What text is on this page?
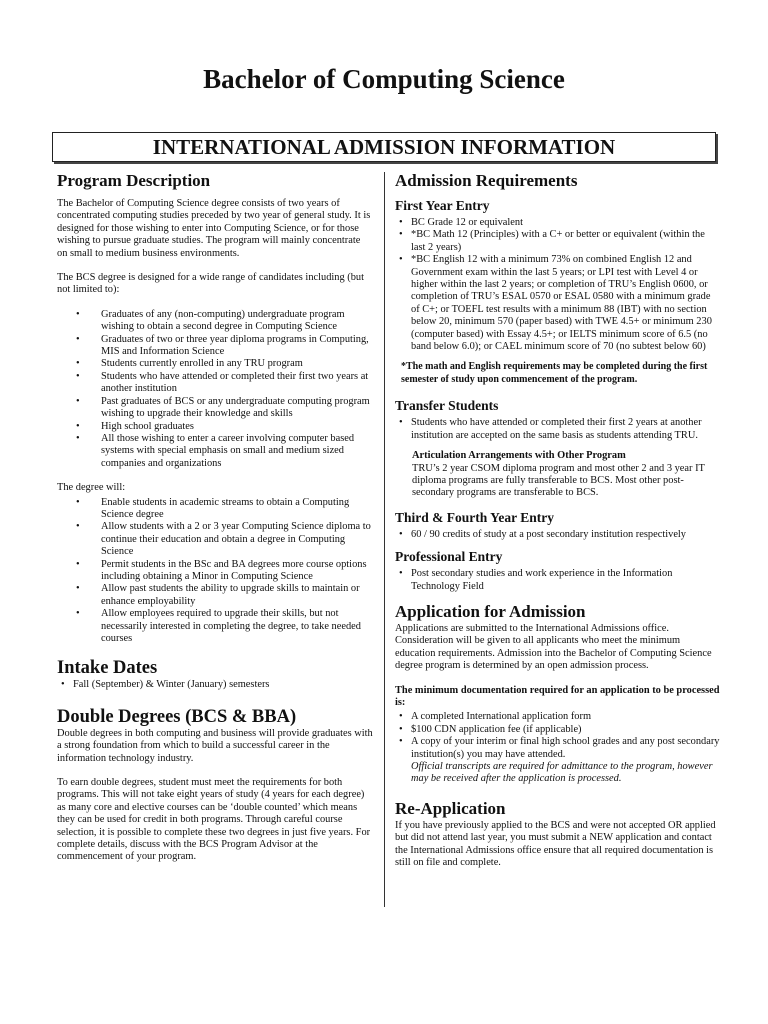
Bachelor of Computing Science
INTERNATIONAL ADMISSION INFORMATION
Program Description

The Bachelor of Computing Science degree consists of two years of concentrated computing studies preceded by two year of general study. It is designed for those wishing to enter into Computing Science, or for those wishing to pursue graduate studies. The program will mainly concentrate on small to medium business environments.

The BCS degree is designed for a wide range of candidates including (but not limited to):

• Graduates of any (non-computing) undergraduate program wishing to obtain a second degree in Computing Science
• Graduates of two or three year diploma programs in Computing, MIS and Information Science
• Students currently enrolled in any TRU program
• Students who have attended or completed their first two years at another institution
• Past graduates of BCS or any undergraduate computing program wishing to upgrade their knowledge and skills
• High school graduates
• All those wishing to enter a career involving computer based systems with special emphasis on small and medium sized companies and organizations

The degree will:

• Enable students in academic streams to obtain a Computing Science degree
• Allow students with a 2 or 3 year Computing Science diploma to continue their education and obtain a degree in Computing Science
• Permit students in the BSc and BA degrees more course options including obtaining a Minor in Computing Science
• Allow past students the ability to upgrade skills to maintain or enhance employability
• Allow employees required to upgrade their skills, but not necessarily interested in completing the degree, to take needed courses
Intake Dates
• Fall (September) & Winter (January) semesters
Double Degrees (BCS & BBA)

Double degrees in both computing and business will provide graduates with a strong foundation from which to build a successful career in the information technology industry.

To earn double degrees, student must meet the requirements for both programs. This will not take eight years of study (4 years for each degree) as many core and elective courses can be ‘double counted’ which means they can be used for credit in both programs. Through careful course selection, it is possible to complete these two degrees in just five years. For complete details, discuss with the BCS Program Advisor at the commencement of your program.

Admission Requirements
First Year Entry
• BC Grade 12 or equivalent
• *BC Math 12 (Principles) with a C+ or better or equivalent (within the last 2 years)
• *BC English 12 with a minimum 73% on combined English 12 and Government exam within the last 5 years; or LPI test with Level 4 or higher within the last 2 years; or completion of TRU’s English 0600, or completion of TRU’s ESAL 0570 or ESAL 0580 with a minimum grade of C+; or TOEFL test results with a minimum 88 (IBT) with no section below 20, minimum 570 (paper based) with TWE 4.5+ or minimum 230 (computer based) with Essay 4.5+; or IELTS minimum score of 6.5 (no band below 6.0); or CAEL minimum score of 70 (no subtest below 60)

*The math and English requirements may be completed during the first semester of study upon commencement of the program.

Transfer Students
• Students who have attended or completed their first 2 years at another institution are accepted on the same basis as students attending TRU.

Articulation Arrangements with Other Program

TRU’s 2 year CSOM diploma program and most other 2 and 3 year IT diploma programs are fully transferable to BCS. Most other post-secondary programs are transferable to BCS.

Third & Fourth Year Entry
• 60 / 90 credits of study at a post secondary institution respectively
Professional Entry
• Post secondary studies and work experience in the Information Technology Field
Application for Admission

Applications are submitted to the International Admissions office. Consideration will be given to all applicants who meet the minimum education requirements. Admission into the Bachelor of Computing Science degree program is determined by an open admission process.

The minimum documentation required for an application to be processed is:

• A completed International application form
• $100 CDN application fee (if applicable)
• A copy of your interim or final high school grades and any post secondary institution(s) you may have attended.
Official transcripts are required for admittance to the program, however may be received after the application is processed.
Re-Application

If you have previously applied to the BCS and were not accepted OR applied but did not attend last year, you must submit a NEW application and contact the International Admissions office ensure that all required documentation is still on file and complete.
